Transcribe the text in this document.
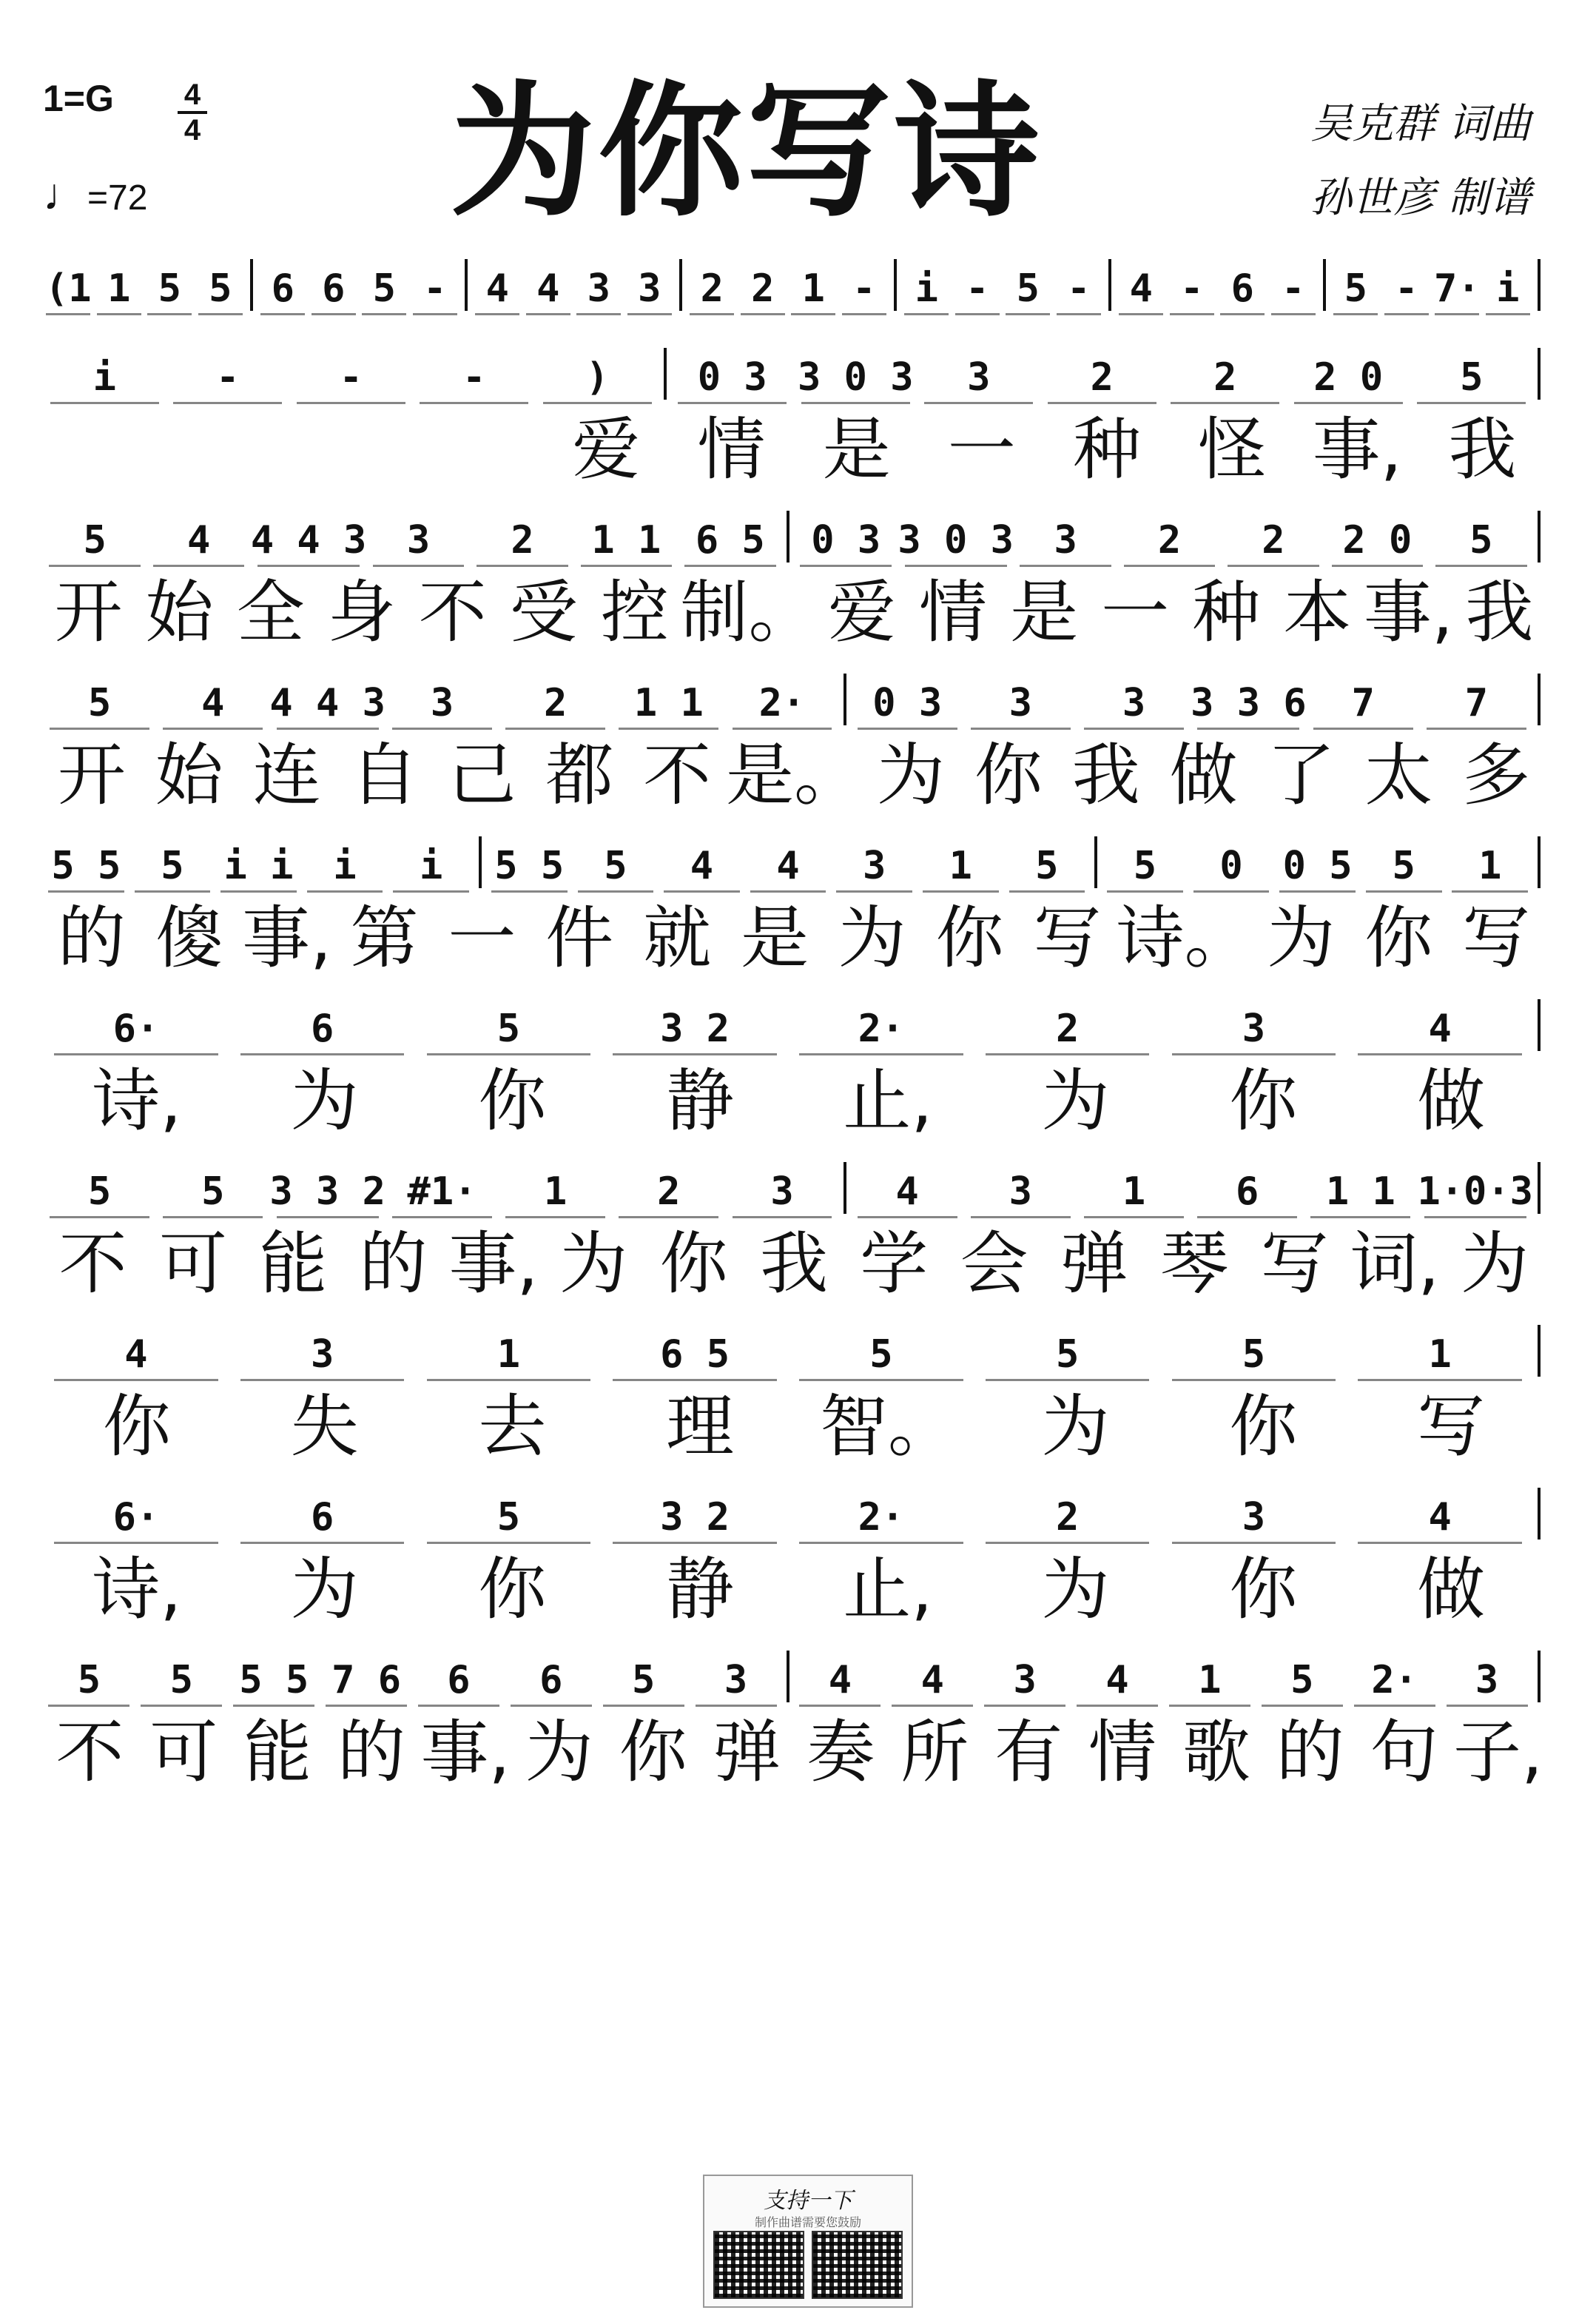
1=G 4
4
♩=72	为你写诗	吴克群 词曲
孙世彦 制谱
(1 1 5 5	6 6 5 -	4 4 3 3	2 2 1 -	i - 5 -	4 - 6 -	5 - 7· i
i	-	-	-	)	0 3 3 0 3	3	2	2	2 0	5
爱 情 是 一 种 怪 事, 我
5	4	4 4 3	3	2	1 1 6 5	0 3 3 0 3	3	2	2	2 0	5
开 始 全 身 不 受 控 制。 爱 情 是 一 种 本 事, 我
5	4	4 4 3	3	2	1 1	2·	0 3	3	3	3 3 6	7	7
开 始 连 自 己 都 不 是。 为 你 我 做 了 太 多
5 5	5	i i	i	i	5 5	5	4	4	3	1	5	5	0	0 5	5	1
的 傻 事, 第 一 件 就 是 为 你 写 诗。 为 你 写
6·	6	5	3 2	2·	2	3	4
诗,	为	你	静	止,	为	你	做
5	5	3 3 2 #1·	1	2	3	4	3	1	6	1 1 1·0·3
不 可 能 的 事, 为 你 我 学 会 弹 琴 写 词, 为
4	3	1	6 5	5	5	5	1
你	失	去	理	智。	为	你	写
6·	6	5	3 2	2·	2	3	4
诗,	为	你	静	止,	为	你	做
5	5	5 5 7 6	6	6	5	3	4	4	3	4	1	5	2·	3
不 可 能 的 事, 为 你 弹 奏 所 有 情 歌 的 句 子,
支持一下
制作曲谱需要您鼓励
